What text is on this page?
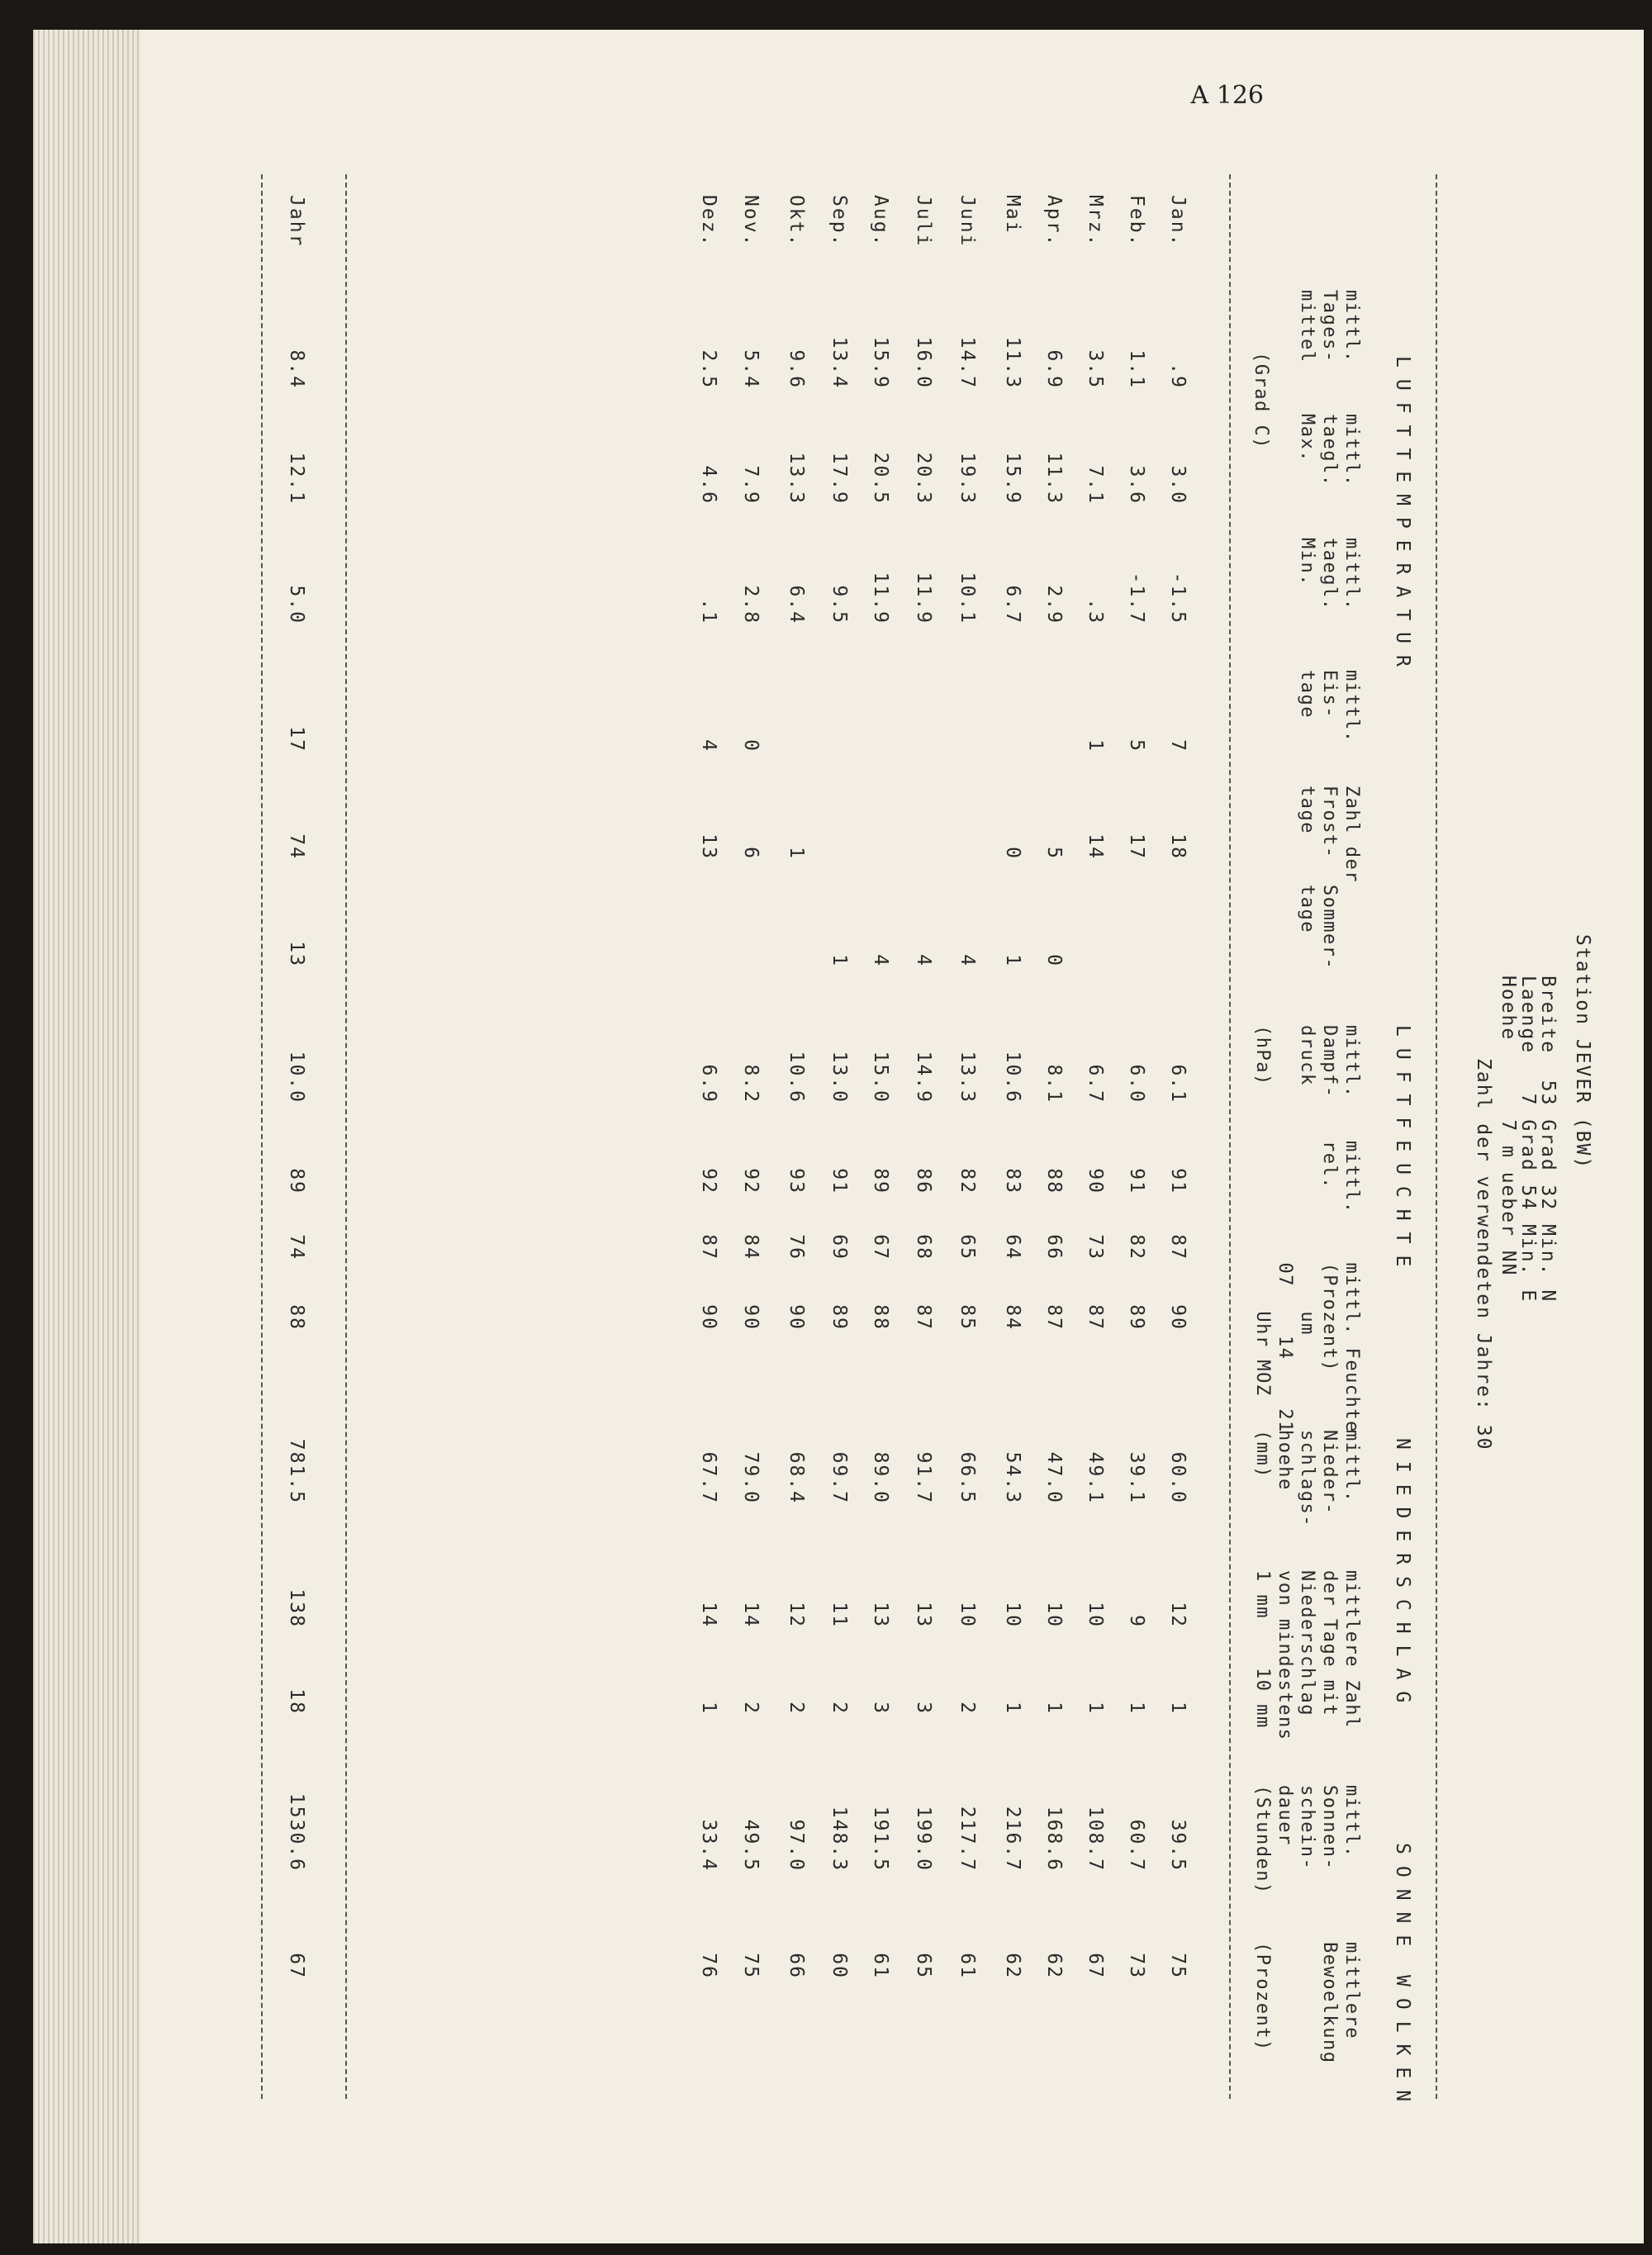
A 126
Station JEVER (BW)
Breite  53 Grad 32 Min. N
Laenge   7 Grad 54 Min. E
Hoehe      7 m ueber NN
Zahl der verwendeten Jahre: 30
LUFTTEMPERATUR
LUFTFEUCHTE
NIEDERSCHLAG
SONNE
WOLKEN
mittl.
Tages-
mittel
mittl.
taegl.
Max.
mittl.
taegl.
Min.
mittl.
Eis-
tage
Zahl der
Frost-
tage

Sommer-
tage
(Grad C)
mittl.
Dampf-
druck

(hPa)
mittl.    mittl. Feuchte
rel.      (Prozent)
um
07    14    21
Uhr MOZ
mittl.
Nieder-
schlags-
hoehe
(mm)
mittlere Zahl
der Tage mit
Niederschlag
von mindestens
1 mm    10 mm
mittl.
Sonnen-
schein-
dauer
(Stunden)
mittlere
Bewoelkung

(Prozent)
Jan.
.9
3.0
-1.5
7
18
6.1
91
87
90
60.0
12
1
39.5
75
Feb.
1.1
3.6
-1.7
5
17
6.0
91
82
89
39.1
9
1
60.7
73
Mrz.
3.5
7.1
.3
1
14
6.7
90
73
87
49.1
10
1
108.7
67
Apr.
6.9
11.3
2.9
5
0
8.1
88
66
87
47.0
10
1
168.6
62
Mai
11.3
15.9
6.7
0
1
10.6
83
64
84
54.3
10
1
216.7
62
Juni
14.7
19.3
10.1
4
13.3
82
65
85
66.5
10
2
217.7
61
Juli
16.0
20.3
11.9
4
14.9
86
68
87
91.7
13
3
199.0
65
Aug.
15.9
20.5
11.9
4
15.0
89
67
88
89.0
13
3
191.5
61
Sep.
13.4
17.9
9.5
1
13.0
91
69
89
69.7
11
2
148.3
60
Okt.
9.6
13.3
6.4
1
10.6
93
76
90
68.4
12
2
97.0
66
Nov.
5.4
7.9
2.8
0
6
8.2
92
84
90
79.0
14
2
49.5
75
Dez.
2.5
4.6
.1
4
13
6.9
92
87
90
67.7
14
1
33.4
76
Jahr
8.4
12.1
5.0
17
74
13
10.0
89
74
88
781.5
138
18
1530.6
67
